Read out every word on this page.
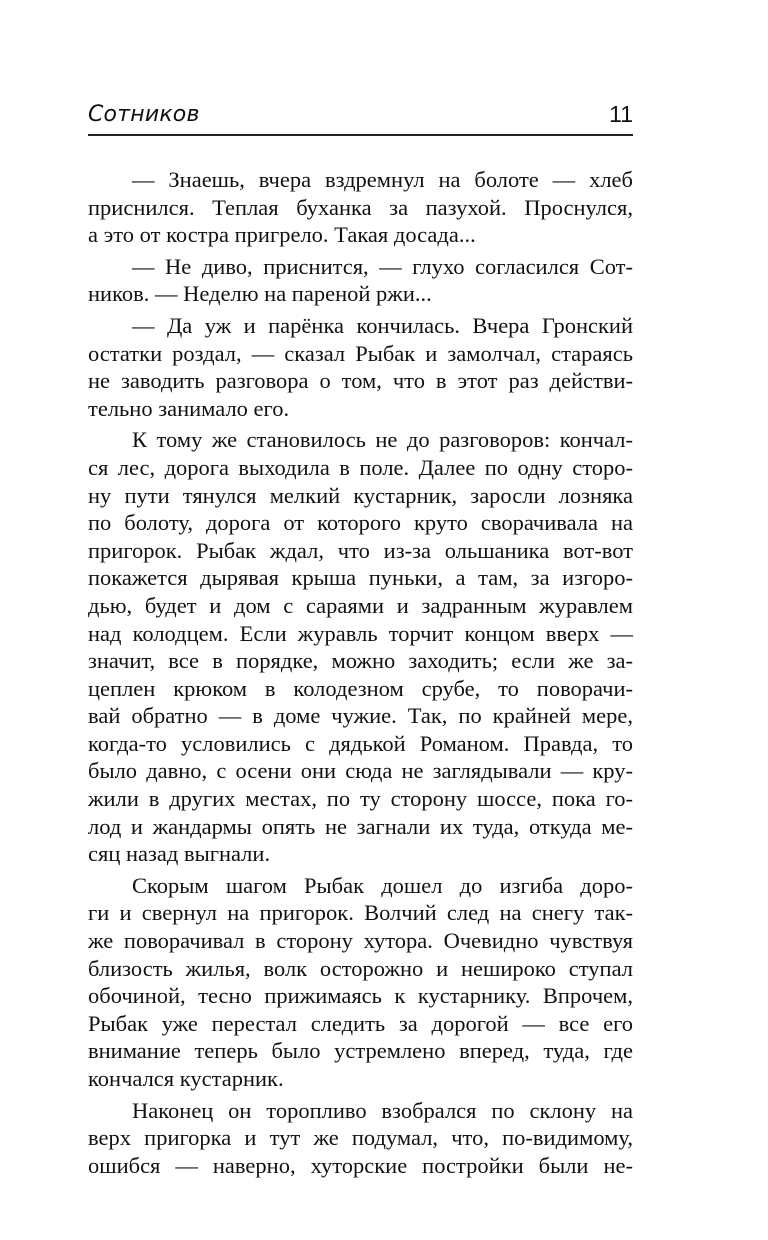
Сотников	11
— Знаешь, вчера вздремнул на болоте — хлеб
приснился. Теплая буханка за пазухой. Проснулся,
а это от костра пригрело. Такая досада...
— Не диво, приснится, — глухо согласился Сот-
ников. — Неделю на пареной ржи...
— Да уж и парёнка кончилась. Вчера Гронский
остатки роздал, — сказал Рыбак и замолчал, стараясь
не заводить разговора о том, что в этот раз действи-
тельно занимало его.
К тому же становилось не до разговоров: кончал-
ся лес, дорога выходила в поле. Далее по одну сторо-
ну пути тянулся мелкий кустарник, заросли лозняка
по болоту, дорога от которого круто сворачивала на
пригорок. Рыбак ждал, что из-за ольшаника вот-вот
покажется дырявая крыша пуньки, а там, за изгоро-
дью, будет и дом с сараями и задранным журавлем
над колодцем. Если журавль торчит концом вверх —
значит, все в порядке, можно заходить; если же за-
цеплен крюком в колодезном срубе, то поворачи-
вай обратно — в доме чужие. Так, по крайней мере,
когда-то условились с дядькой Романом. Правда, то
было давно, с осени они сюда не заглядывали — кру-
жили в других местах, по ту сторону шоссе, пока го-
лод и жандармы опять не загнали их туда, откуда ме-
сяц назад выгнали.
Скорым шагом Рыбак дошел до изгиба доро-
ги и свернул на пригорок. Волчий след на снегу так-
же поворачивал в сторону хутора. Очевидно чувствуя
близость жилья, волк осторожно и неширoко ступал
обочиной, тесно прижимаясь к кустарнику. Впрочем,
Рыбак уже перестал следить за дорогой — все его
внимание теперь было устремлено вперед, туда, где
кончался кустарник.
Наконец он торопливо взобрался по склону на
верх пригорка и тут же подумал, что, по-видимому,
ошибся — наверно, хуторские постройки были не-
